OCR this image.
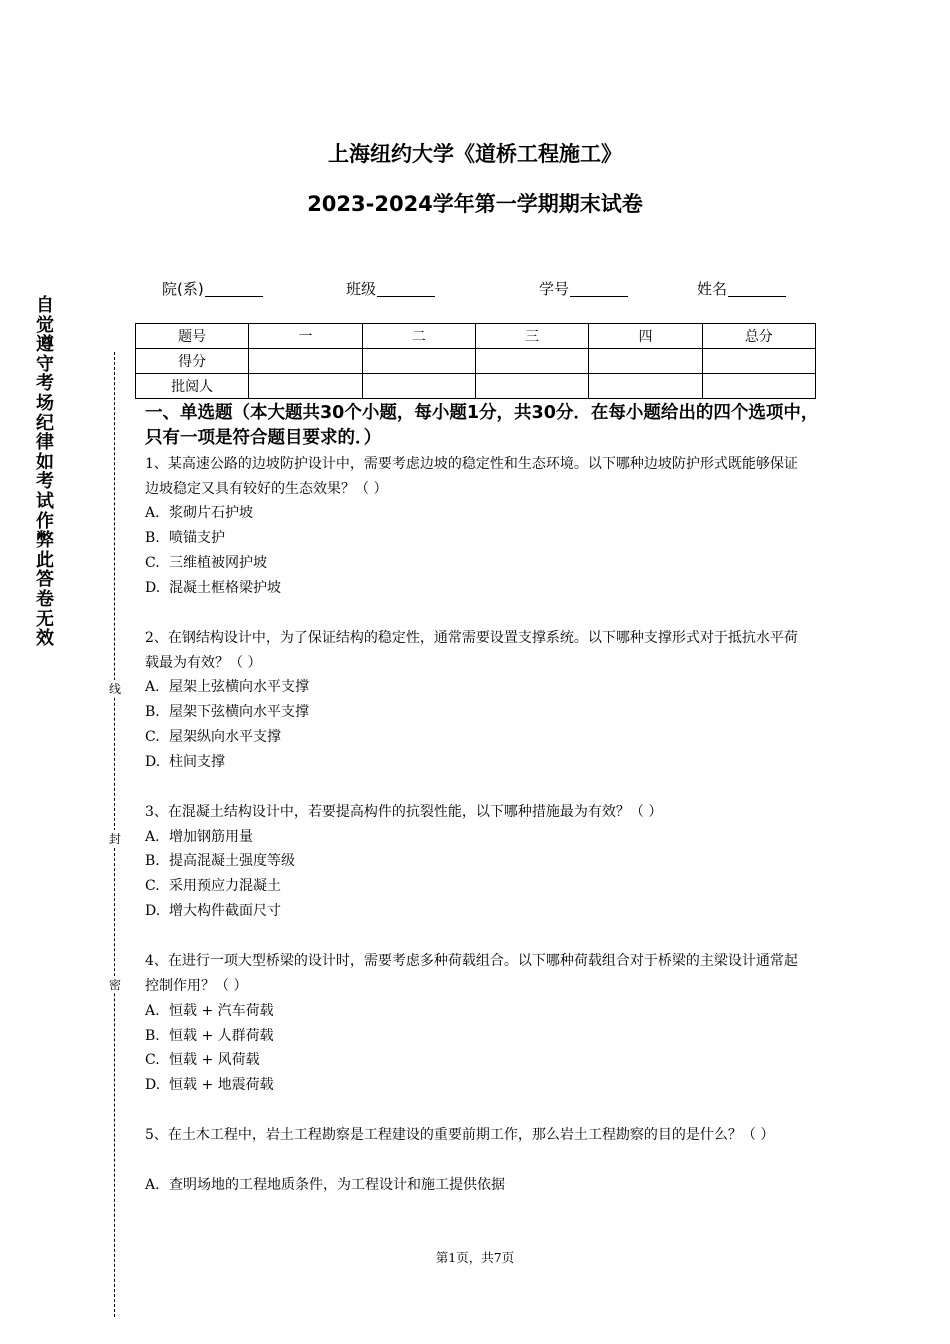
上海纽约大学《道桥工程施工》
2023-2024学年第一学期期末试卷
院(系)	班级	学号	姓名
题号	一	二	三	四	总分
得分					
批阅人					
自觉遵守考场纪律如考试作弊此答卷无效
线
封
密
一、单选题（本大题共30个小题，每小题1分，共30分．在每小题给出的四个选项中，只有一项是符合题目要求的．）
1、某高速公路的边坡防护设计中，需要考虑边坡的稳定性和生态环境。以下哪种边坡防护形式既能够保证边坡稳定又具有较好的生态效果？（ ）
A. 浆砌片石护坡
B. 喷锚支护
C. 三维植被网护坡
D. 混凝土框格梁护坡
2、在钢结构设计中，为了保证结构的稳定性，通常需要设置支撑系统。以下哪种支撑形式对于抵抗水平荷载最为有效？（ ）
A. 屋架上弦横向水平支撑
B. 屋架下弦横向水平支撑
C. 屋架纵向水平支撑
D. 柱间支撑
3、在混凝土结构设计中，若要提高构件的抗裂性能，以下哪种措施最为有效？（ ）
A. 增加钢筋用量
B. 提高混凝土强度等级
C. 采用预应力混凝土
D. 增大构件截面尺寸
4、在进行一项大型桥梁的设计时，需要考虑多种荷载组合。以下哪种荷载组合对于桥梁的主梁设计通常起控制作用？（ ）
A. 恒载 + 汽车荷载
B. 恒载 + 人群荷载
C. 恒载 + 风荷载
D. 恒载 + 地震荷载
5、在土木工程中，岩土工程勘察是工程建设的重要前期工作，那么岩土工程勘察的目的是什么？（ ）
A. 查明场地的工程地质条件，为工程设计和施工提供依据
第1页，共7页
